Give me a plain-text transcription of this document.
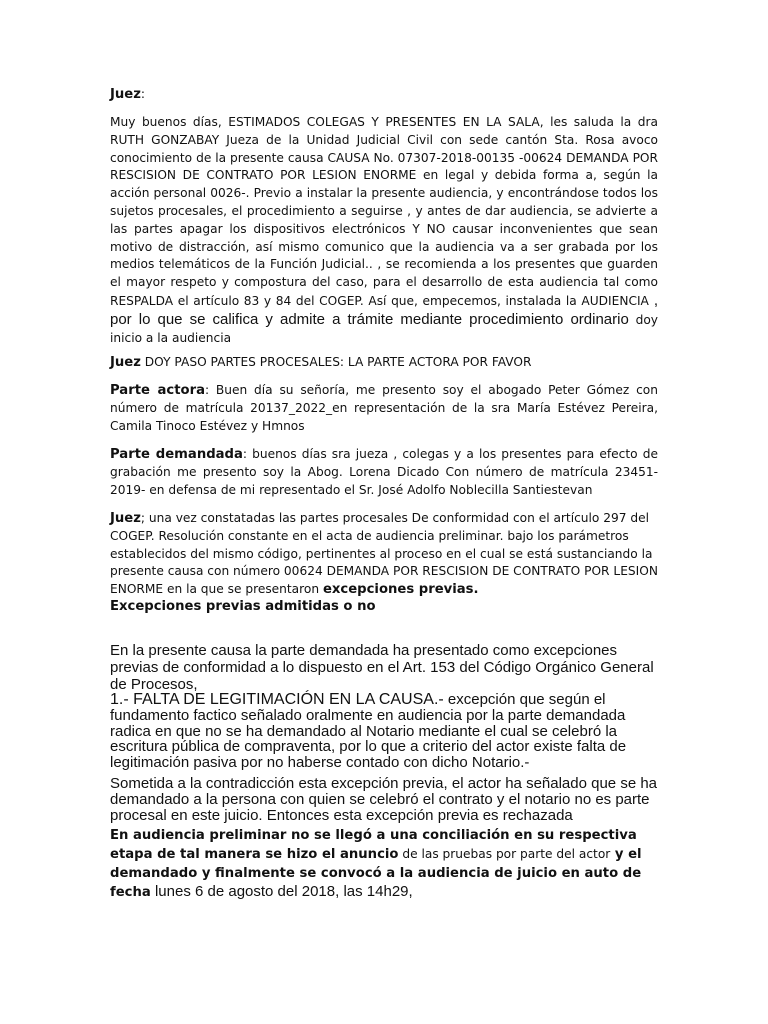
Juez:

Muy buenos días, ESTIMADOS COLEGAS Y PRESENTES EN LA SALA, les saluda la dra RUTH GONZABAY Jueza de la Unidad Judicial Civil con sede cantón Sta. Rosa avoco conocimiento de la presente causa CAUSA No. 07307-2018-00135 -00624 DEMANDA POR RESCISION DE CONTRATO POR LESION ENORME en legal y debida forma a, según la acción personal 0026-. Previo a instalar la presente audiencia, y encontrándose todos los sujetos procesales, el procedimiento a seguirse , y antes de dar audiencia, se advierte a las partes apagar los dispositivos electrónicos Y NO causar inconvenientes que sean motivo de distracción, así mismo comunico que la audiencia va a ser grabada por los medios telemáticos de la Función Judicial.. , se recomienda a los presentes que guarden el mayor respeto y compostura del caso, para el desarrollo de esta audiencia tal como RESPALDA el artículo 83 y 84 del COGEP. Así que, empecemos, instalada la AUDIENCIA , por lo que se califica y admite a trámite mediante procedimiento ordinario doy inicio a la audiencia

Juez DOY PASO PARTES PROCESALES: LA PARTE ACTORA POR FAVOR

Parte actora: Buen día su señoría, me presento soy el abogado Peter Gómez con número de matrícula 20137_2022_en representación de la sra María Estévez Pereira, Camila Tinoco Estévez y Hmnos

Parte demandada: buenos días sra jueza , colegas y a los presentes para efecto de grabación me presento soy la Abog. Lorena Dicado Con número de matrícula 23451-2019- en defensa de mi representado el Sr. José Adolfo Noblecilla Santiestevan

Juez; una vez constatadas las partes procesales De conformidad con el artículo 297 del COGEP. Resolución constante en el acta de audiencia preliminar. bajo los parámetros establecidos del mismo código, pertinentes al proceso en el cual se está sustanciando la presente causa con número 00624 DEMANDA POR RESCISION DE CONTRATO POR LESION ENORME en la que se presentaron excepciones previas.

Excepciones previas admitidas o no

En la presente causa la parte demandada ha presentado como excepciones previas de conformidad a lo dispuesto en el Art. 153 del Código Orgánico General de Procesos,

1.- FALTA DE LEGITIMACIÓN EN LA CAUSA.- excepción que según el fundamento factico señalado oralmente en audiencia por la parte demandada radica en que no se ha demandado al Notario mediante el cual se celebró la escritura pública de compraventa, por lo que a criterio del actor existe falta de legitimación pasiva por no haberse contado con dicho Notario.-

Sometida a la contradicción esta excepción previa, el actor ha señalado que se ha demandado a la persona con quien se celebró el contrato y el notario no es parte procesal en este juicio. Entonces esta excepción previa es rechazada

En audiencia preliminar no se llegó a una conciliación en su respectiva etapa de tal manera se hizo el anuncio de las pruebas por parte del actor y el demandado y finalmente se convocó a la audiencia de juicio en auto de fecha lunes 6 de agosto del 2018, las 14h29,
